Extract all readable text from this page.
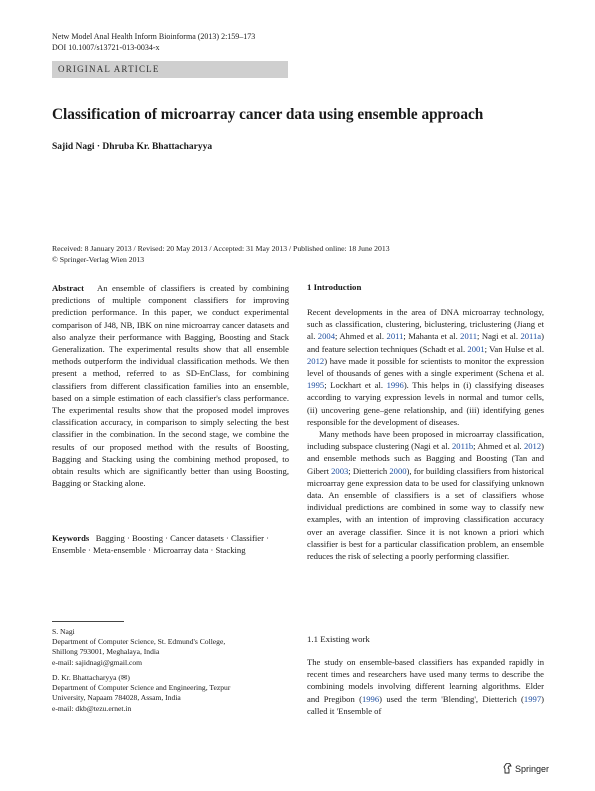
Netw Model Anal Health Inform Bioinforma (2013) 2:159–173
DOI 10.1007/s13721-013-0034-x
ORIGINAL ARTICLE
Classification of microarray cancer data using ensemble approach
Sajid Nagi · Dhruba Kr. Bhattacharyya
Received: 8 January 2013 / Revised: 20 May 2013 / Accepted: 31 May 2013 / Published online: 18 June 2013
© Springer-Verlag Wien 2013
Abstract An ensemble of classifiers is created by combining predictions of multiple component classifiers for improving prediction performance. In this paper, we conduct experimental comparison of J48, NB, IBK on nine microarray cancer datasets and also analyze their performance with Bagging, Boosting and Stack Generalization. The experimental results show that all ensemble methods outperform the individual classification methods. We then present a method, referred to as SD-EnClass, for combining classifiers from different classification families into an ensemble, based on a simple estimation of each classifier's class performance. The experimental results show that the proposed model improves classification accuracy, in comparison to simply selecting the best classifier in the combination. In the second stage, we combine the results of our proposed method with the results of Boosting, Bagging and Stacking using the combining method proposed, to obtain results which are significantly better than using Boosting, Bagging or Stacking alone.
Keywords Bagging · Boosting · Cancer datasets · Classifier · Ensemble · Meta-ensemble · Microarray data · Stacking
S. Nagi
Department of Computer Science, St. Edmund's College,
Shillong 793001, Meghalaya, India
e-mail: sajidnagi@gmail.com
D. Kr. Bhattacharyya (✉)
Department of Computer Science and Engineering, Tezpur
University, Napaam 784028, Assam, India
e-mail: dkb@tezu.ernet.in
1 Introduction

Recent developments in the area of DNA microarray technology, such as classification, clustering, biclustering, triclustering (Jiang et al. 2004; Ahmed et al. 2011; Mahanta et al. 2011; Nagi et al. 2011a) and feature selection techniques (Schadt et al. 2001; Van Hulse et al. 2012) have made it possible for scientists to monitor the expression level of thousands of genes with a single experiment (Schena et al. 1995; Lockhart et al. 1996). This helps in (i) classifying diseases according to varying expression levels in normal and tumor cells, (ii) uncovering gene–gene relationship, and (iii) identifying genes responsible for the development of diseases.

Many methods have been proposed in microarray classification, including subspace clustering (Nagi et al. 2011b; Ahmed et al. 2012) and ensemble methods such as Bagging and Boosting (Tan and Gibert 2003; Dietterich 2000), for building classifiers from historical microarray gene expression data to be used for classifying unknown data. An ensemble of classifiers is a set of classifiers whose individual predictions are combined in some way to classify new examples, with an intention of improving classification accuracy over an average classifier. Since it is not known a priori which classifier is best for a particular classification problem, an ensemble reduces the risk of selecting a poorly performing classifier.

1.1 Existing work

The study on ensemble-based classifiers has expanded rapidly in recent times and researchers have used many terms to describe the combining models involving different learning algorithms. Elder and Pregibon (1996) used the term 'Blending', Dietterich (1997) called it 'Ensemble of

Springer
